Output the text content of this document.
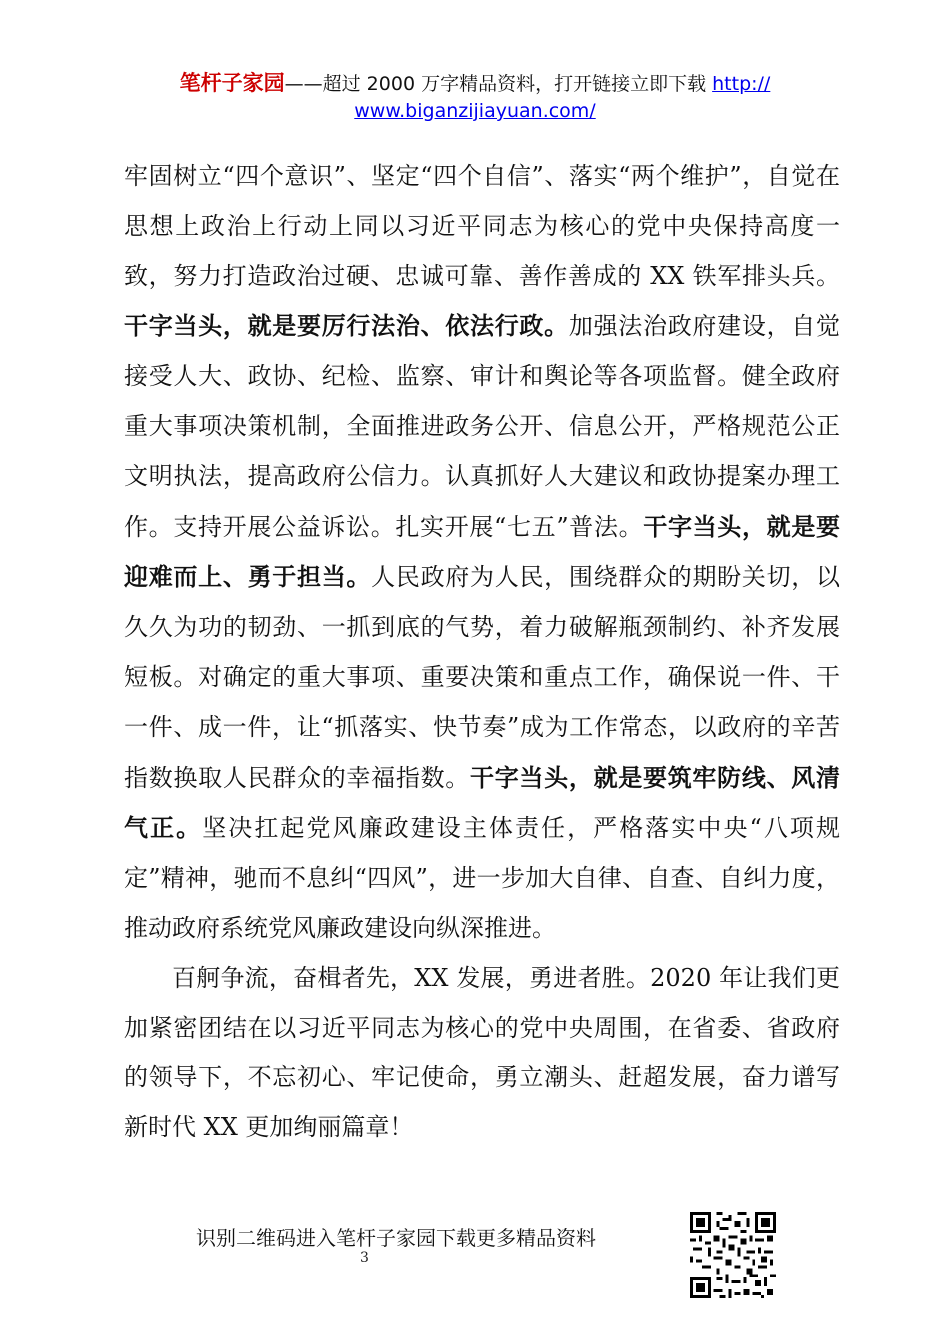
笔杆子家园——超过 2000 万字精品资料，打开链接立即下载 http://
www.biganzijiayuan.com/

牢固树立“四个意识”、坚定“四个自信”、落实“两个维护”，自觉在思想上政治上行动上同以习近平同志为核心的党中央保持高度一致，努力打造政治过硬、忠诚可靠、善作善成的 XX 铁军排头兵。干字当头，就是要厉行法治、依法行政。加强法治政府建设，自觉接受人大、政协、纪检、监察、审计和舆论等各项监督。健全政府重大事项决策机制，全面推进政务公开、信息公开，严格规范公正文明执法，提高政府公信力。认真抓好人大建议和政协提案办理工作。支持开展公益诉讼。扎实开展“七五”普法。干字当头，就是要迎难而上、勇于担当。人民政府为人民，围绕群众的期盼关切，以久久为功的韧劲、一抓到底的气势，着力破解瓶颈制约、补齐发展短板。对确定的重大事项、重要决策和重点工作，确保说一件、干一件、成一件，让“抓落实、快节奏”成为工作常态，以政府的辛苦指数换取人民群众的幸福指数。干字当头，就是要筑牢防线、风清气正。坚决扛起党风廉政建设主体责任，严格落实中央“八项规定”精神，驰而不息纠“四风”，进一步加大自律、自查、自纠力度，推动政府系统党风廉政建设向纵深推进。

百舸争流，奋楫者先，XX 发展，勇进者胜。2020 年让我们更加紧密团结在以习近平同志为核心的党中央周围，在省委、省政府的领导下，不忘初心、牢记使命，勇立潮头、赶超发展，奋力谱写新时代 XX 更加绚丽篇章！

识别二维码进入笔杆子家园下载更多精品资料
3
